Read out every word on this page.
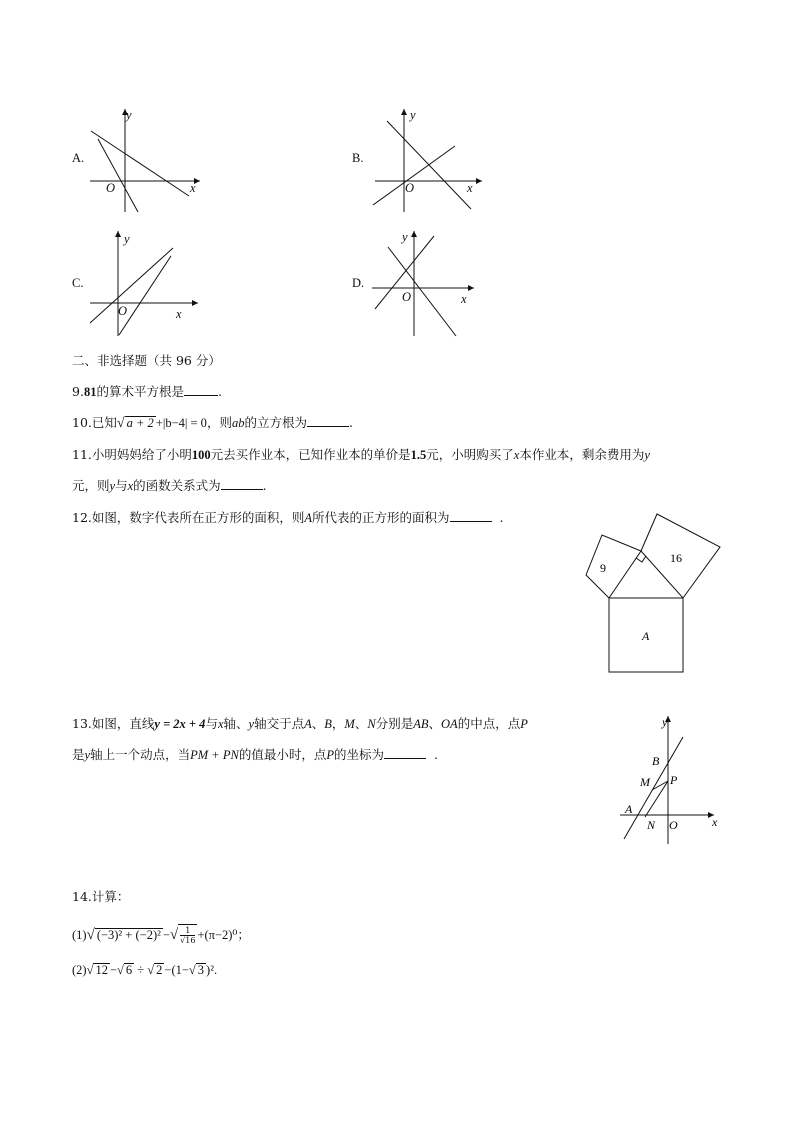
A.
y
x
O
B.
y
x
O
C.
y
x
O
D.
y
x
O
二、非选择题（共 96 分）
9.81的算术平方根是	.
10.已知√ a + 2 +|b−4| = 0，则ab的立方根为	.
11.小明妈妈给了小明100元去买作业本，已知作业本的单价是1.5元，小明购买了x本作业本，剩余费用为y
元，则y与x的函数关系式为	.
12.如图，数字代表所在正方形的面积，则A所代表的正方形的面积为	.
9
16
A
13.如图，直线y = 2x + 4与x轴、y轴交于点A、B，M、N分别是AB、OA的中点，点P
是y轴上一个动点，当PM + PN的值最小时，点P的坐标为	.
y
x
B
M P
A
N O
14.计算：
(1)√ (−3)² + (−2)² −√ $\frac{1}{√16} +(\pi-2)^0$；
(2)√ 12 −√ 6 ÷ √ 2 −(1−√ 3 )².
